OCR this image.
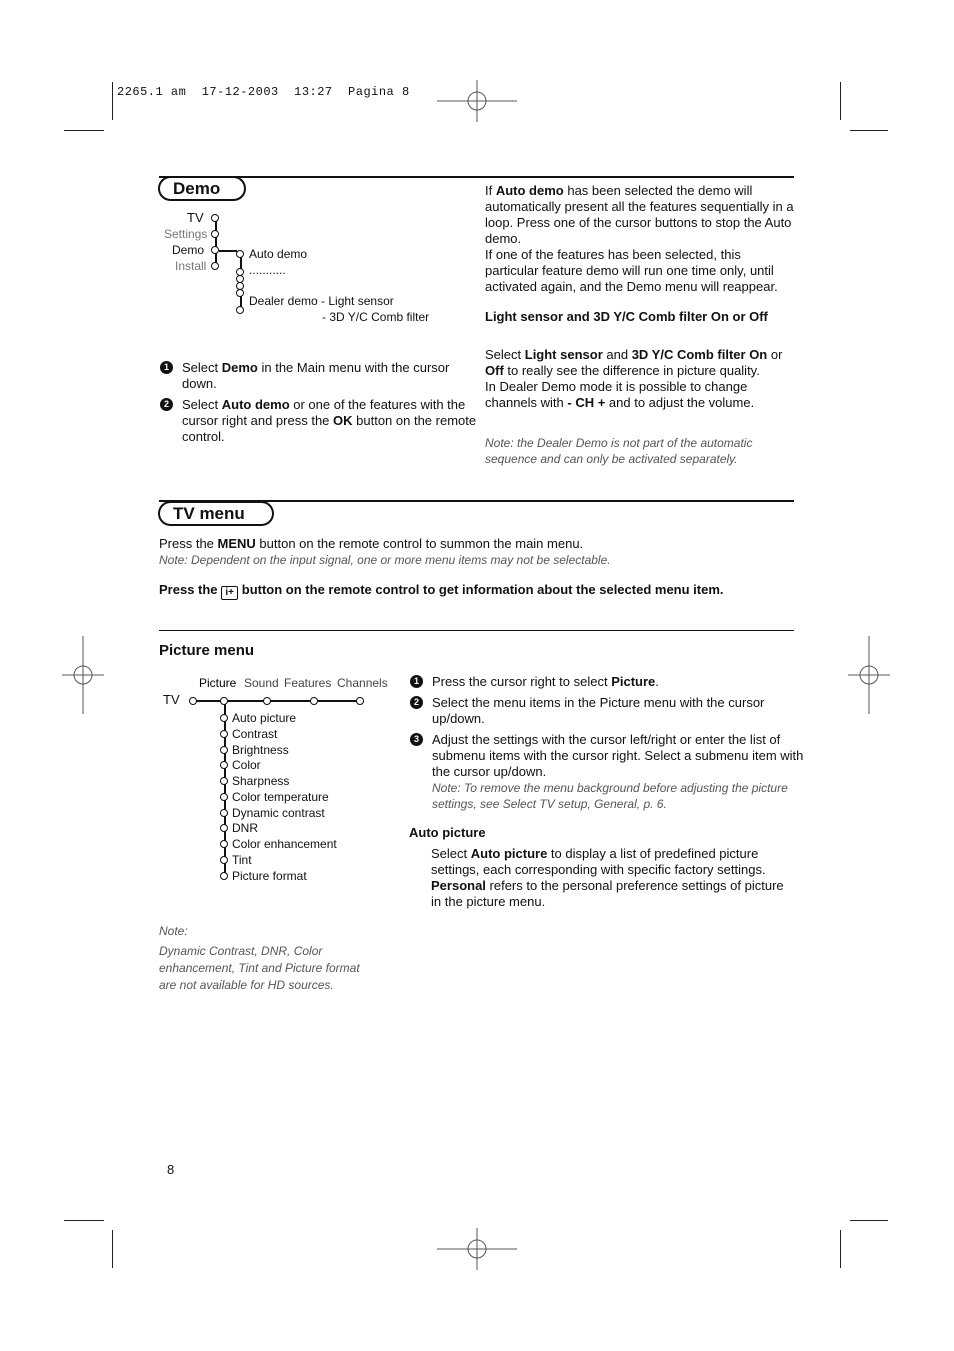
2265.1 am  17-12-2003  13:27  Pagina 8
Demo
TV
Settings
Demo
Install
Auto demo
...........
Dealer demo - Light sensor
- 3D Y/C Comb filter
1	Select Demo in the Main menu with the cursor down.
2	Select Auto demo or one of the features with the cursor right and press the OK button on the remote control.
If Auto demo has been selected the demo will automatically present all the features sequentially in a loop. Press one of the cursor buttons to stop the Auto demo.
If one of the features has been selected, this particular feature demo will run one time only, until activated again, and the Demo menu will reappear.
Light sensor and 3D Y/C Comb filter On or Off
Select Light sensor and 3D Y/C Comb filter On or Off to really see the difference in picture quality.
In Dealer Demo mode it is possible to change channels with - CH + and to adjust the volume.
Note: the Dealer Demo is not part of the automatic sequence and can only be activated separately.
TV menu
Press the MENU button on the remote control to summon the main menu.
Note: Dependent on the input signal, one or more menu items may not be selectable.
Press the i+ button on the remote control to get information about the selected menu item.
Picture menu
Picture Sound Features Channels
TV
Auto picture
Contrast
Brightness
Color
Sharpness
Color temperature
Dynamic contrast
DNR
Color enhancement
Tint
Picture format
Note:
Dynamic Contrast, DNR, Color enhancement, Tint and Picture format are not available for HD sources.
1	Press the cursor right to select Picture.
2	Select the menu items in the Picture menu with the cursor up/down.
3	Adjust the settings with the cursor left/right or enter the list of submenu items with the cursor right. Select a submenu item with the cursor up/down.
Note: To remove the menu background before adjusting the picture settings, see Select TV setup, General, p. 6.
Auto picture
Select Auto picture to display a list of predefined picture settings, each corresponding with specific factory settings. Personal refers to the personal preference settings of picture in the picture menu.
8
